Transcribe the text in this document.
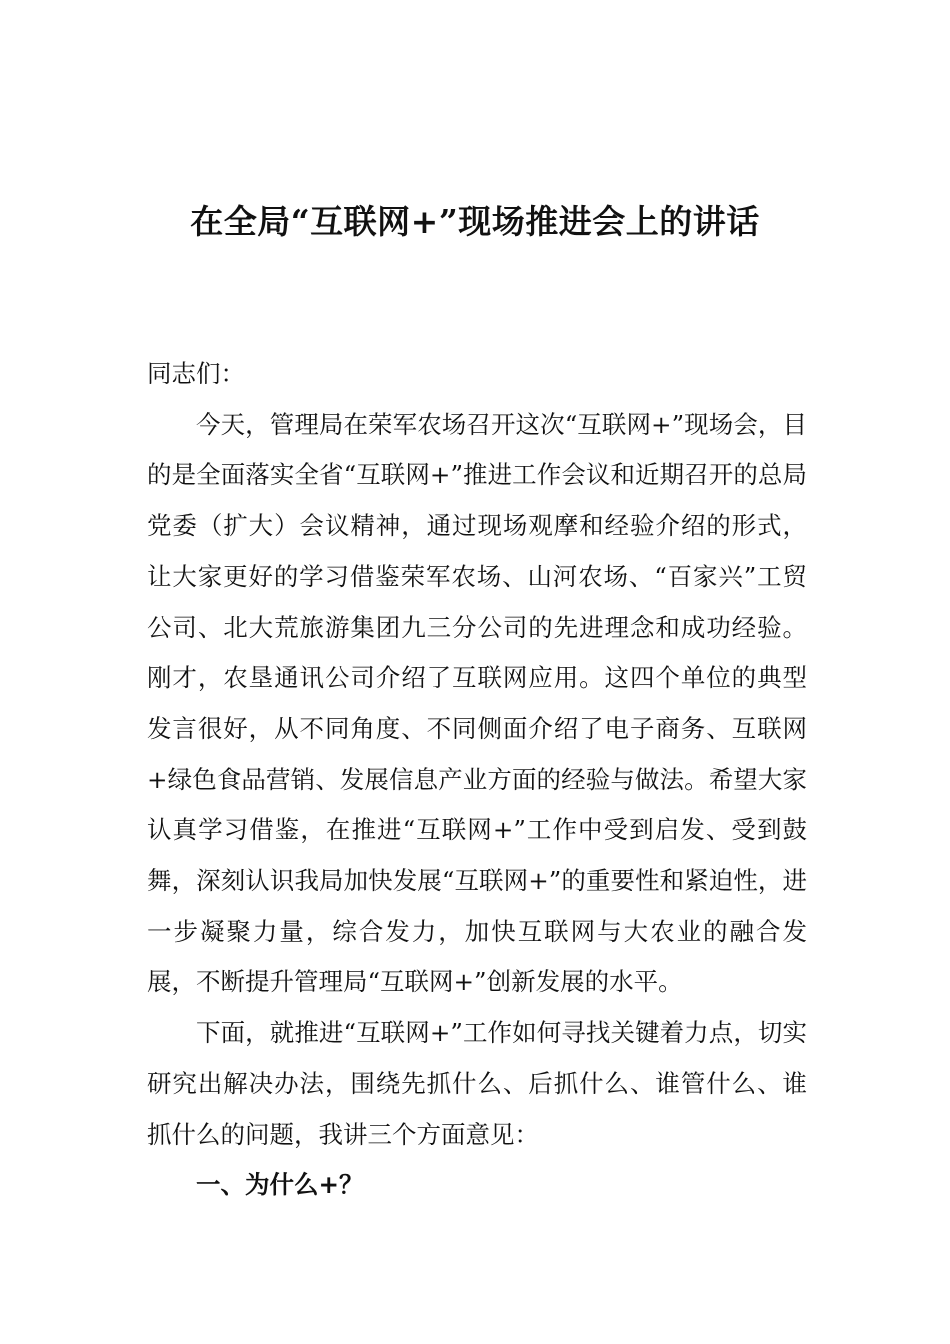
在全局“互联网+”现场推进会上的讲话

同志们：

今天，管理局在荣军农场召开这次“互联网+”现场会，目的是全面落实全省“互联网+”推进工作会议和近期召开的总局党委（扩大）会议精神，通过现场观摩和经验介绍的形式，让大家更好的学习借鉴荣军农场、山河农场、“百家兴”工贸公司、北大荒旅游集团九三分公司的先进理念和成功经验。刚才，农垦通讯公司介绍了互联网应用。这四个单位的典型发言很好，从不同角度、不同侧面介绍了电子商务、互联网+绿色食品营销、发展信息产业方面的经验与做法。希望大家认真学习借鉴，在推进“互联网+”工作中受到启发、受到鼓舞，深刻认识我局加快发展“互联网+”的重要性和紧迫性，进一步凝聚力量，综合发力，加快互联网与大农业的融合发展，不断提升管理局“互联网+”创新发展的水平。

下面，就推进“互联网+”工作如何寻找关键着力点，切实研究出解决办法，围绕先抓什么、后抓什么、谁管什么、谁抓什么的问题，我讲三个方面意见：

一、为什么+？
